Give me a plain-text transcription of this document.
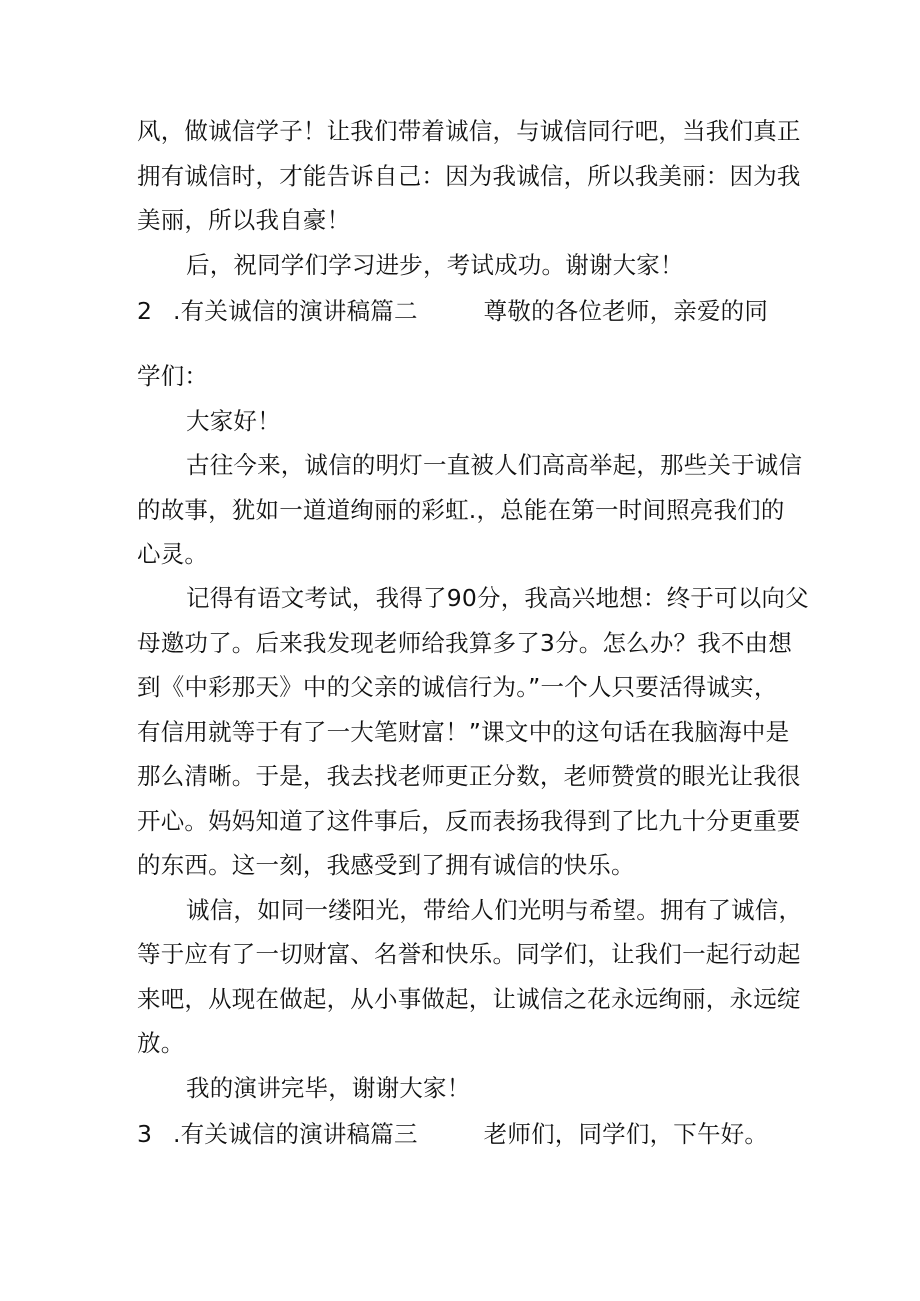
风，做诚信学子！让我们带着诚信，与诚信同行吧，当我们真正
拥有诚信时，才能告诉自己：因为我诚信，所以我美丽：因为我
美丽，所以我自豪！
后，祝同学们学习进步，考试成功。谢谢大家！
2 .有关诚信的演讲稿篇二	尊敬的各位老师，亲爱的同
学们：
大家好！
古往今来，诚信的明灯一直被人们高高举起，那些关于诚信
的故事，犹如一道道绚丽的彩虹.，总能在第一时间照亮我们的
心灵。
记得有语文考试，我得了90分，我高兴地想：终于可以向父
母邀功了。后来我发现老师给我算多了3分。怎么办？我不由想
到《中彩那天》中的父亲的诚信行为。”一个人只要活得诚实，
有信用就等于有了一大笔财富！”课文中的这句话在我脑海中是
那么清晰。于是，我去找老师更正分数，老师赞赏的眼光让我很
开心。妈妈知道了这件事后，反而表扬我得到了比九十分更重要
的东西。这一刻，我感受到了拥有诚信的快乐。
诚信，如同一缕阳光，带给人们光明与希望。拥有了诚信，
等于应有了一切财富、名誉和快乐。同学们，让我们一起行动起
来吧，从现在做起，从小事做起，让诚信之花永远绚丽，永远绽
放。
我的演讲完毕，谢谢大家！
3 .有关诚信的演讲稿篇三	老师们，同学们，下午好。
